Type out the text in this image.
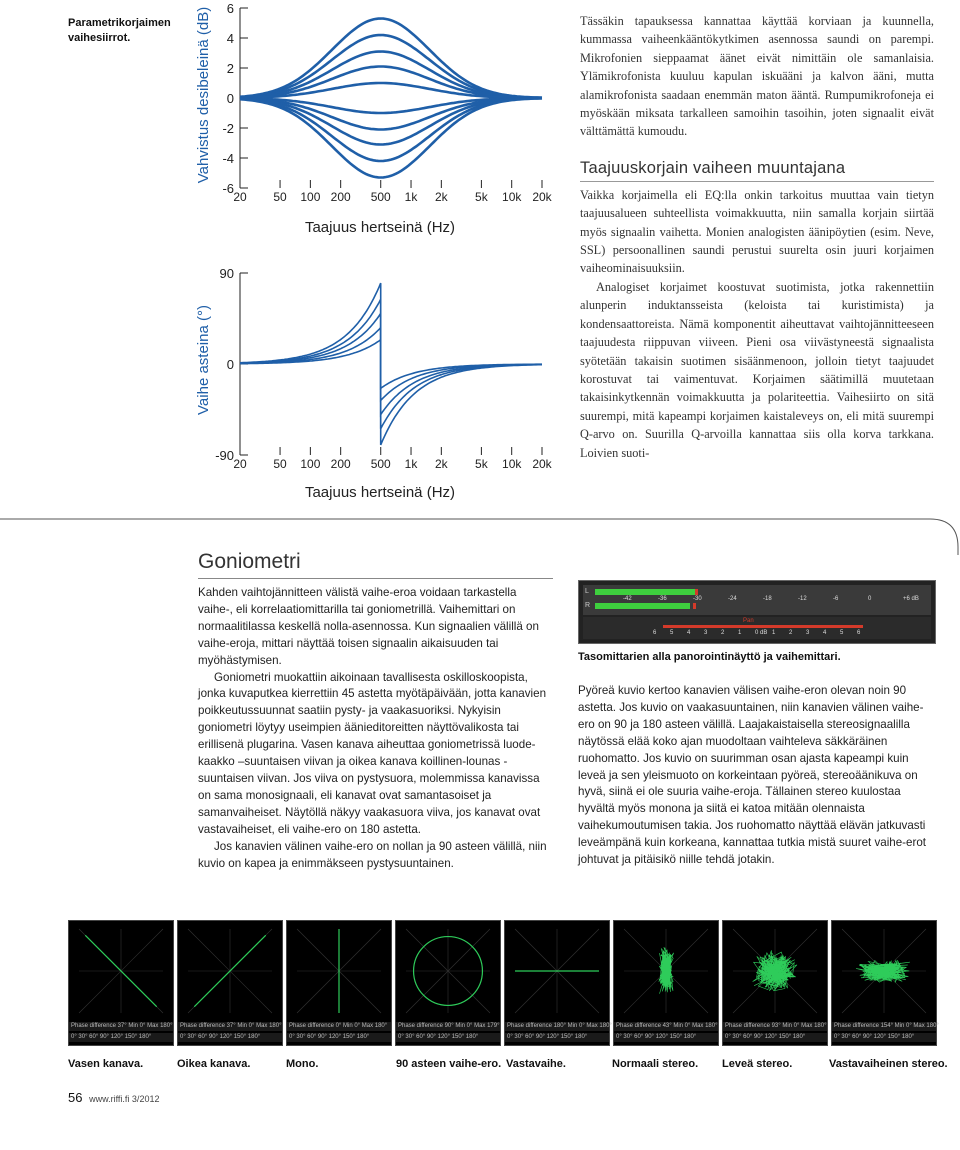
Parametrikorjaimen vaihesiirrot.	Vahvistus desibeleinä (dB) 6
4
2
0
-2
-4
-6
20 50 100 200 500 1k 2k 5k 10k 20k
Taajuus hertseinä (Hz)
Vaihe asteina (°)
90
0
-90
20 50 100 200 500 1k 2k 5k 10k 20k
Taajuus hertseinä (Hz)

Tässäkin tapauksessa kannattaa käyttää korviaan ja kuunnella, kummassa vaiheenkääntökytkimen asennossa saundi on parempi. Mikrofonien sieppaamat äänet eivät nimittäin ole samanlaisia. Ylämikrofonista kuuluu kapulan iskuääni ja kalvon ääni, mutta alamikrofonista saadaan enemmän maton ääntä. Rumpumikrofoneja ei myöskään miksata tarkalleen samoihin tasoihin, joten signaalit eivät välttämättä kumoudu.

Taajuuskorjain vaiheen muuntajana

Vaikka korjaimella eli EQ:lla onkin tarkoitus muuttaa vain tietyn taajuusalueen suhteellista voimakkuutta, niin samalla korjain siirtää myös signaalin vaihetta. Monien analogisten äänipöytien (esim. Neve, SSL) persoonallinen saundi perustui suurelta osin juuri korjaimen vaiheominaisuuksiin.

Analogiset korjaimet koostuvat suotimista, jotka rakennettiin alunperin induktansseista (keloista tai kuristimista) ja kondensaattoreista. Nämä komponentit aiheuttavat vaihtojännitteeseen taajuudesta riippuvan viiveen. Pieni osa viivästyneestä signaalista syötetään takaisin suotimen sisäänmenoon, jolloin tietyt taajuudet korostuvat tai vaimentuvat. Korjaimen säätimillä muutetaan takaisinkytkennän voimakkuutta ja polariteettia. Vaihesiirto on sitä suurempi, mitä kapeampi korjaimen kaistaleveys on, eli mitä suurempi Q-arvo on. Suurilla Q-arvoilla kannattaa siis olla korva tarkkana. Loivien suoti-

Goniometri

Kahden vaihtojännitteen välistä vaihe-eroa voidaan tarkastella vaihe-, eli korrelaatiomittarilla tai goniometrillä. Vaihemittari on normaalitilassa keskellä nolla-asennossa. Kun signaalien välillä on vaihe-eroja, mittari näyttää toisen signaalin aikaisuuden tai myöhästymisen.

Goniometri muokattiin aikoinaan tavallisesta oskilloskoopista, jonka kuvaputkea kierrettiin 45 astetta myötäpäivään, jotta kanavien poikkeutussuunnat saatiin pysty- ja vaakasuoriksi. Nykyisin goniometri löytyy useimpien äänieditoreitten näyttövalikosta tai erillisenä plugarina. Vasen kanava aiheuttaa goniometrissä luode-kaakko –suuntaisen viivan ja oikea kanava koillinen-lounas -suuntaisen viivan. Jos viiva on pystysuora, molemmissa kanavissa on sama monosignaali, eli kanavat ovat samantasoiset ja samanvaiheiset. Näytöllä näkyy vaakasuora viiva, jos kanavat ovat vastavaiheiset, eli vaihe-ero on 180 astetta.

Jos kanavien välinen vaihe-ero on nollan ja 90 asteen välillä, niin kuvio on kapea ja enimmäkseen pystysuuntainen.

L
R
-42	-36	-30	-24	-18	-12	-6	0	+6 dB
Pan
6 5 4 3 2 1 0 dB 1 2 3 4 5 6
Tasomittarien alla panorointinäyttö ja vaihemittari.

Pyöreä kuvio kertoo kanavien välisen vaihe-eron olevan noin 90 astetta. Jos kuvio on vaakasuuntainen, niin kanavien välinen vaihe-ero on 90 ja 180 asteen välillä. Laajakaistaisella stereosignaalilla näytössä elää koko ajan muodoltaan vaihteleva säkkäräinen ruohomatto. Jos kuvio on suurimman osan ajasta kapeampi kuin leveä ja sen yleismuoto on korkeintaan pyöreä, stereoäänikuva on hyvä, siinä ei ole suuria vaihe-eroja. Tällainen stereo kuulostaa hyvältä myös monona ja siitä ei katoa mitään olennaista vaihekumoutumisen takia. Jos ruohomatto näyttää elävän jatkuvasti leveämpänä kuin korkeana, kannattaa tutkia mistä suuret vaihe-erot johtuvat ja pitäisikö niille tehdä jotakin.

Phase difference 37° Min 0° Max 180°
0° 30° 60° 90° 120° 150° 180°
Vasen kanava.
Phase difference 37° Min 0° Max 180°
0° 30° 60° 90° 120° 150° 180°
Oikea kanava.
Phase difference 0° Min 0° Max 180°
0° 30° 60° 90° 120° 150° 180°
Mono.
Phase difference 90° Min 0° Max 179°
0° 30° 60° 90° 120° 150° 180°
90 asteen vaihe-ero.
Phase difference 180° Min 0° Max 180°
0° 30° 60° 90° 120° 150° 180°
Vastavaihe.
Phase difference 43° Min 0° Max 180°
0° 30° 60° 90° 120° 150° 180°
Normaali stereo.
Phase difference 93° Min 0° Max 180°
0° 30° 60° 90° 120° 150° 180°
Leveä stereo.
Phase difference 154° Min 0° Max 180°
0° 30° 60° 90° 120° 150° 180°
Vastavaiheinen stereo.
56 www.riffi.fi 3/2012
